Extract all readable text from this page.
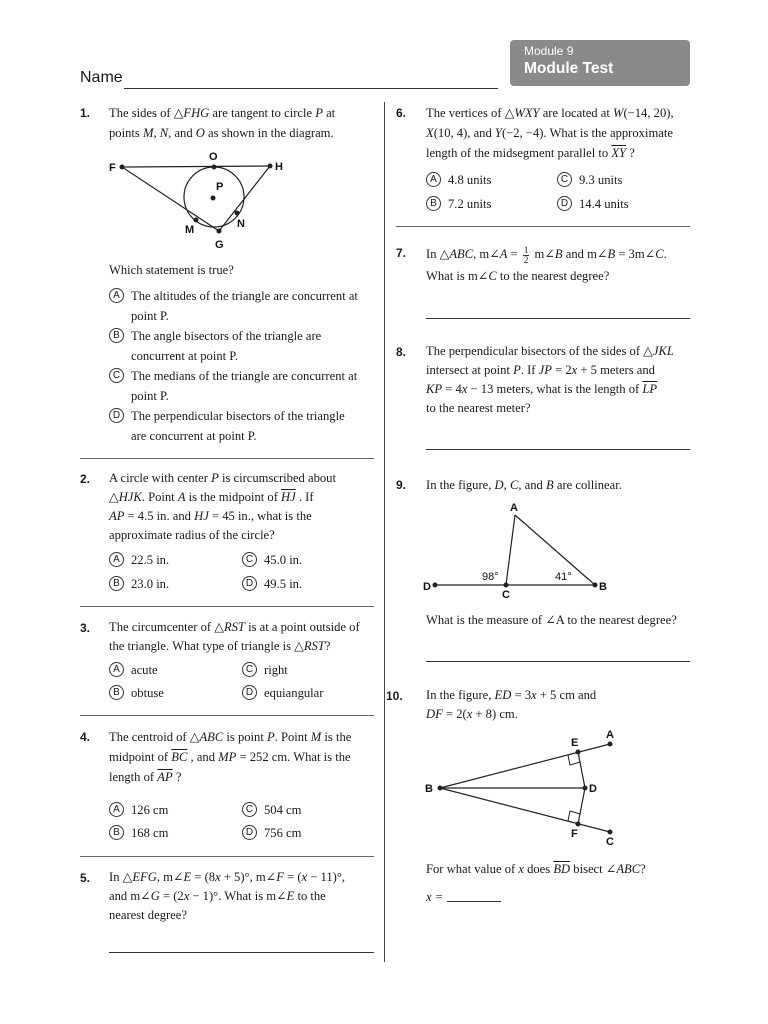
Module 9
Module Test
Name
1. The sides of △FHG are tangent to circle P at
points M, N, and O as shown in the diagram.
F
O
H
P
N
M
G
Which statement is true?
A The altitudes of the triangle are concurrent at
point P.
B The angle bisectors of the triangle are
concurrent at point P.
C The medians of the triangle are concurrent at
point P.
D The perpendicular bisectors of the triangle
are concurrent at point P.
2. A circle with center P is circumscribed about
△HJK. Point A is the midpoint of $\overline{HJ}$ . If
AP = 4.5 in. and HJ = 45 in., what is the
approximate radius of the circle?
A 22.5 in.	C 45.0 in.
B 23.0 in.	D 49.5 in.
3. The circumcenter of △RST is at a point outside of
the triangle. What type of triangle is △RST?
A acute	C right
B obtuse	D equiangular
4. The centroid of △ABC is point P. Point M is the
midpoint of $\overline{BC}$ , and MP = 252 cm. What is the
length of $\overline{AP}$ ?
A 126 cm	C 504 cm
B 168 cm	D 756 cm
5. In △EFG, m∠E = (8x + 5)°, m∠F = (x − 11)°,
and m∠G = (2x − 1)°. What is m∠E to the
nearest degree?
6. The vertices of △WXY are located at W(−14, 20),
X(10, 4), and Y(−2, −4). What is the approximate
length of the midsegment parallel to $\overline{XY}$ ?
A 4.8 units	C 9.3 units
B 7.2 units	D 14.4 units
7. In △ABC, m∠A = $\frac{1}{2}$ m∠B and m∠B = 3m∠C.
What is m∠C to the nearest degree?
8. The perpendicular bisectors of the sides of △JKL
intersect at point P. If JP = 2x + 5 meters and
KP = 4x − 13 meters, what is the length of $\overline{LP}$
to the nearest meter?
9. In the figure, D, C, and B are collinear.
A
D
C
B
98°	41°
What is the measure of ∠A to the nearest degree?
10. In the figure, ED = 3x + 5 cm and
DF = 2(x + 8) cm.
E
A
B	D
F
C
For what value of x does $\overline{BD}$ bisect ∠ABC?
x =
